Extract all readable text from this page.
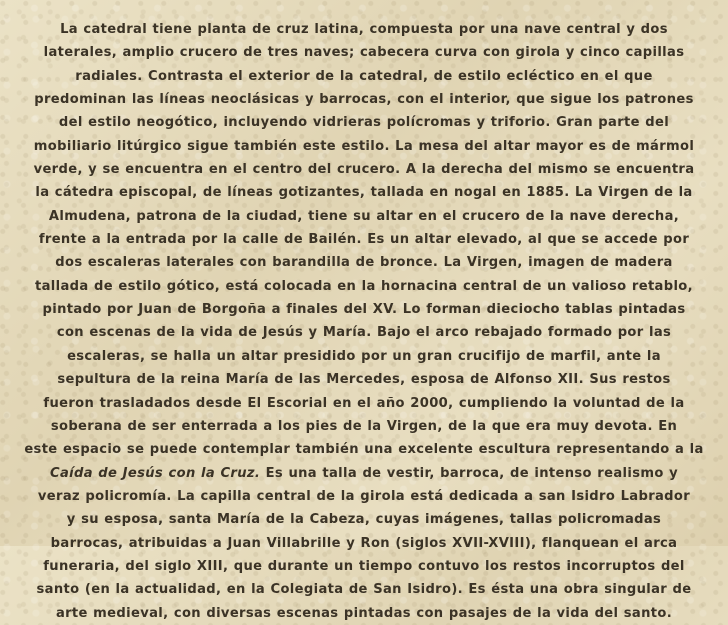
La catedral tiene planta de cruz latina, compuesta por una nave central y dos
laterales, amplio crucero de tres naves; cabecera curva con girola y cinco capillas
radiales. Contrasta el exterior de la catedral, de estilo ecléctico en el que
predominan las líneas neoclásicas y barrocas, con el interior, que sigue los patrones
del estilo neogótico, incluyendo vidrieras polícromas y triforio. Gran parte del
mobiliario litúrgico sigue también este estilo. La mesa del altar mayor es de mármol
verde, y se encuentra en el centro del crucero. A la derecha del mismo se encuentra
la cátedra episcopal, de líneas gotizantes, tallada en nogal en 1885. La Virgen de la
Almudena, patrona de la ciudad, tiene su altar en el crucero de la nave derecha,
frente a la entrada por la calle de Bailén. Es un altar elevado, al que se accede por
dos escaleras laterales con barandilla de bronce. La Virgen, imagen de madera
tallada de estilo gótico, está colocada en la hornacina central de un valioso retablo,
pintado por Juan de Borgoña a finales del XV. Lo forman dieciocho tablas pintadas
con escenas de la vida de Jesús y María. Bajo el arco rebajado formado por las
escaleras, se halla un altar presidido por un gran crucifijo de marfil, ante la
sepultura de la reina María de las Mercedes, esposa de Alfonso XII. Sus restos
fueron trasladados desde El Escorial en el año 2000, cumpliendo la voluntad de la
soberana de ser enterrada a los pies de la Virgen, de la que era muy devota. En
este espacio se puede contemplar también una excelente escultura representando a la
Caída de Jesús con la Cruz. Es una talla de vestir, barroca, de intenso realismo y
veraz policromía. La capilla central de la girola está dedicada a san Isidro Labrador
y su esposa, santa María de la Cabeza, cuyas imágenes, tallas policromadas
barrocas, atribuidas a Juan Villabrille y Ron (siglos XVII-XVIII), flanquean el arca
funeraria, del siglo XIII, que durante un tiempo contuvo los restos incorruptos del
santo (en la actualidad, en la Colegiata de San Isidro). Es ésta una obra singular de
arte medieval, con diversas escenas pintadas con pasajes de la vida del santo.
